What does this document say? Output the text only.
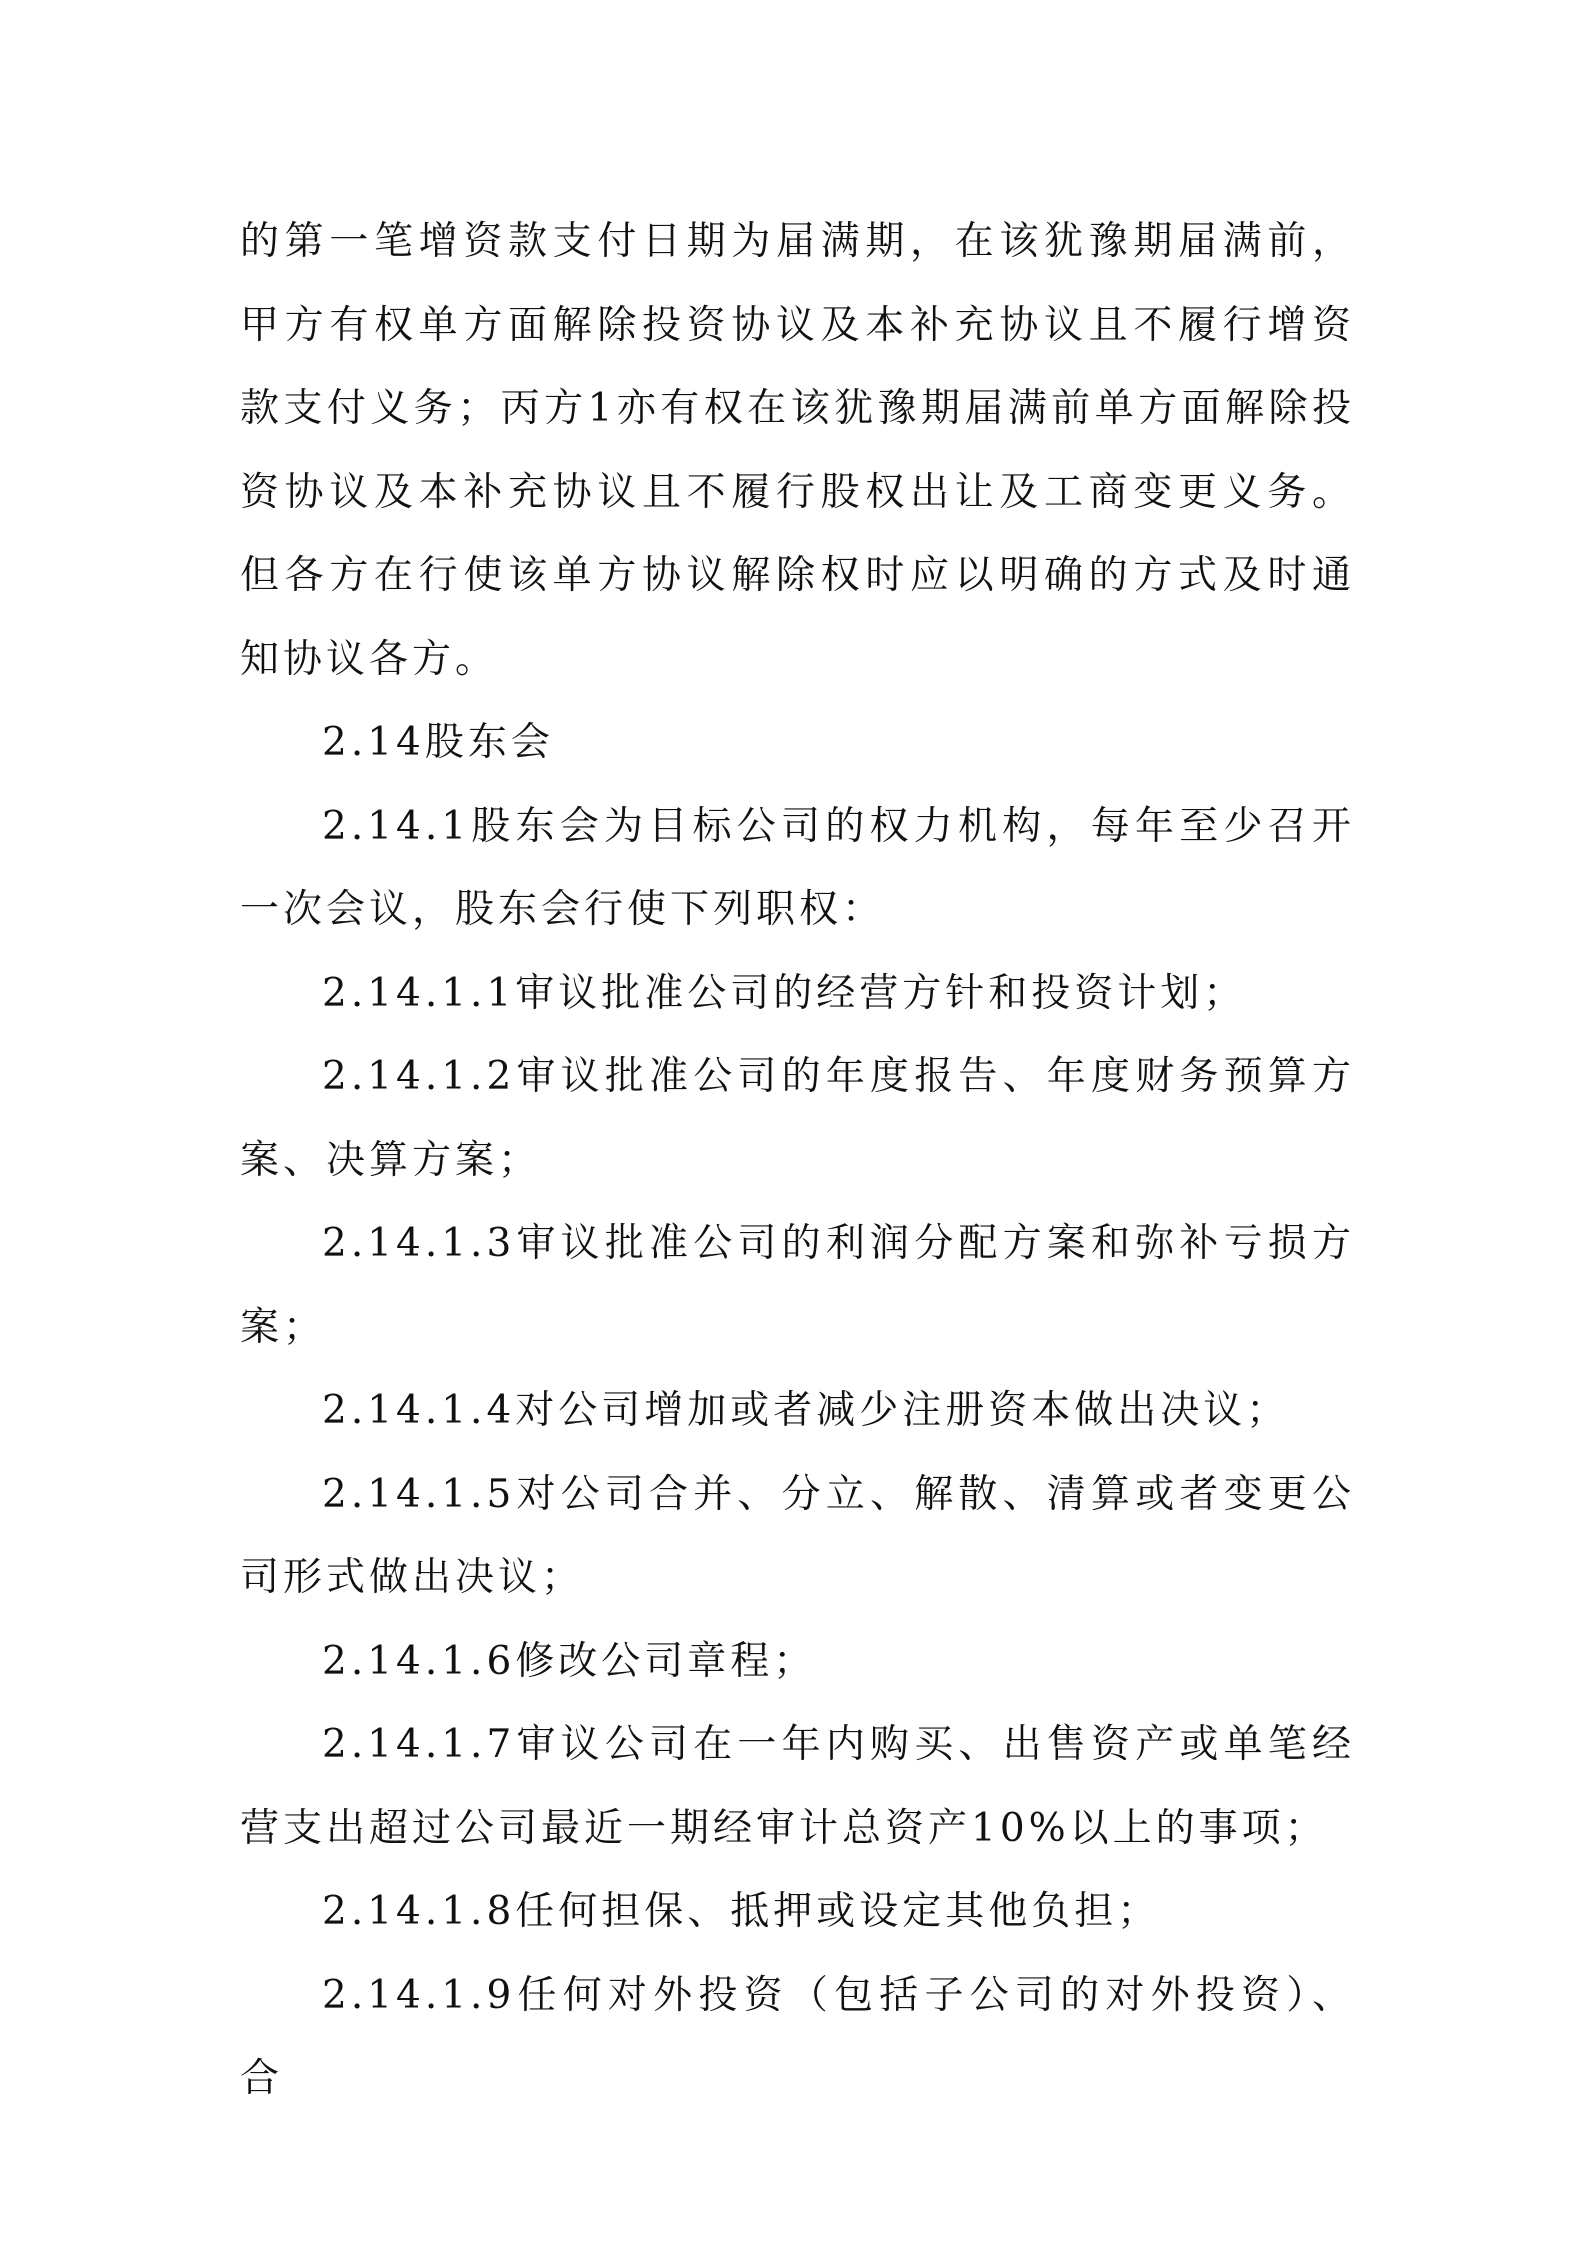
的第一笔增资款支付日期为届满期，在该犹豫期届满前，甲方有权单方面解除投资协议及本补充协议且不履行增资款支付义务；丙方1亦有权在该犹豫期届满前单方面解除投资协议及本补充协议且不履行股权出让及工商变更义务。但各方在行使该单方协议解除权时应以明确的方式及时通知协议各方。

2.14股东会

2.14.1股东会为目标公司的权力机构，每年至少召开一次会议，股东会行使下列职权：

2.14.1.1审议批准公司的经营方针和投资计划；

2.14.1.2审议批准公司的年度报告、年度财务预算方案、决算方案；

2.14.1.3审议批准公司的利润分配方案和弥补亏损方案；

2.14.1.4对公司增加或者减少注册资本做出决议；

2.14.1.5对公司合并、分立、解散、清算或者变更公司形式做出决议；

2.14.1.6修改公司章程；

2.14.1.7审议公司在一年内购买、出售资产或单笔经营支出超过公司最近一期经审计总资产10%以上的事项；

2.14.1.8任何担保、抵押或设定其他负担；

2.14.1.9任何对外投资（包括子公司的对外投资）、合
